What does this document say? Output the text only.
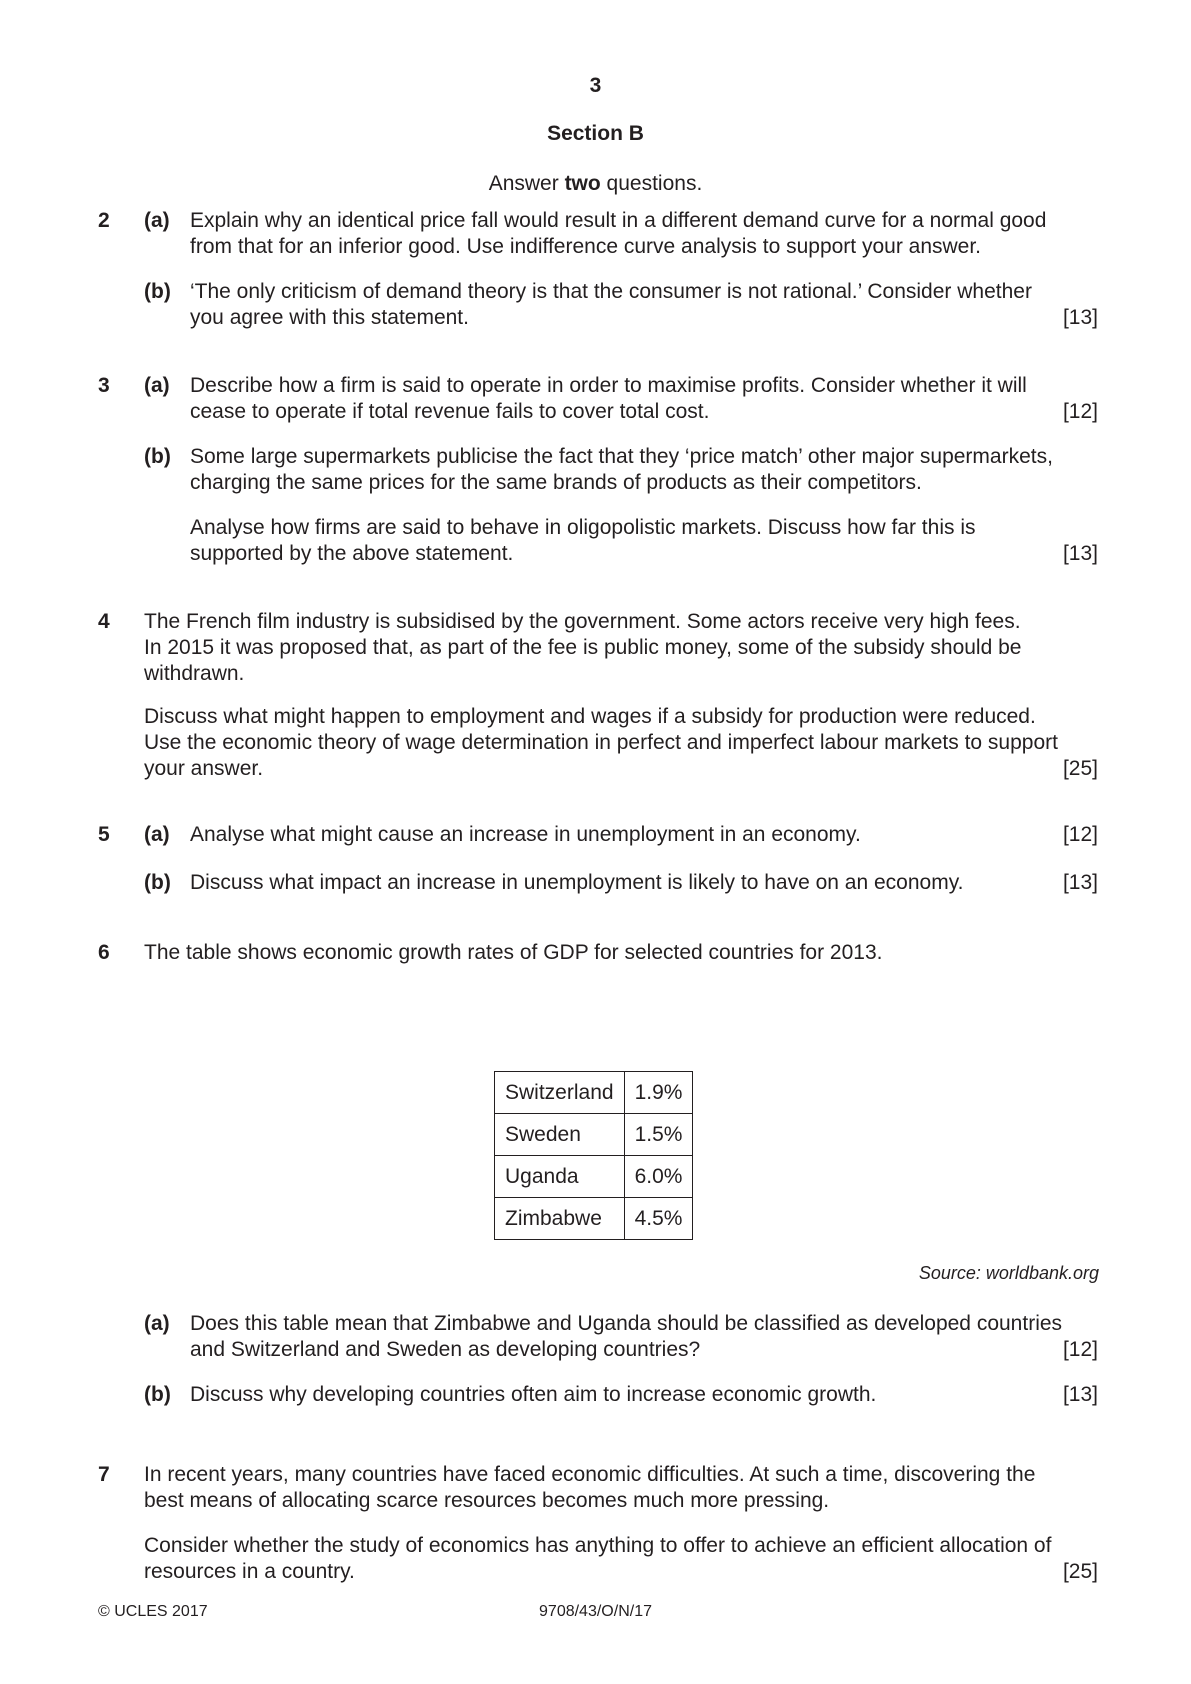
3
Section B
Answer two questions.
2 (a) Explain why an identical price fall would result in a different demand curve for a normal good
from that for an inferior good. Use indifference curve analysis to support your answer.
(b) ‘The only criticism of demand theory is that the consumer is not rational.’ Consider whether
you agree with this statement.	[13]
3 (a) Describe how a firm is said to operate in order to maximise profits. Consider whether it will
cease to operate if total revenue fails to cover total cost.	[12]
(b) Some large supermarkets publicise the fact that they ‘price match’ other major supermarkets,
charging the same prices for the same brands of products as their competitors.
Analyse how firms are said to behave in oligopolistic markets. Discuss how far this is
supported by the above statement.	[13]
4 The French film industry is subsidised by the government. Some actors receive very high fees.
In 2015 it was proposed that, as part of the fee is public money, some of the subsidy should be
withdrawn.
Discuss what might happen to employment and wages if a subsidy for production were reduced.
Use the economic theory of wage determination in perfect and imperfect labour markets to support
your answer.	[25]
5 (a) Analyse what might cause an increase in unemployment in an economy.	[12]
(b) Discuss what impact an increase in unemployment is likely to have on an economy.	[13]
6 The table shows economic growth rates of GDP for selected countries for 2013.
Switzerland	1.9%
Sweden	1.5%
Uganda	6.0%
Zimbabwe	4.5%
Source: worldbank.org
(a) Does this table mean that Zimbabwe and Uganda should be classified as developed countries
and Switzerland and Sweden as developing countries?	[12]
(b) Discuss why developing countries often aim to increase economic growth.	[13]
7 In recent years, many countries have faced economic difficulties. At such a time, discovering the
best means of allocating scarce resources becomes much more pressing.
Consider whether the study of economics has anything to offer to achieve an efficient allocation of
resources in a country.	[25]
© UCLES 2017	9708/43/O/N/17
